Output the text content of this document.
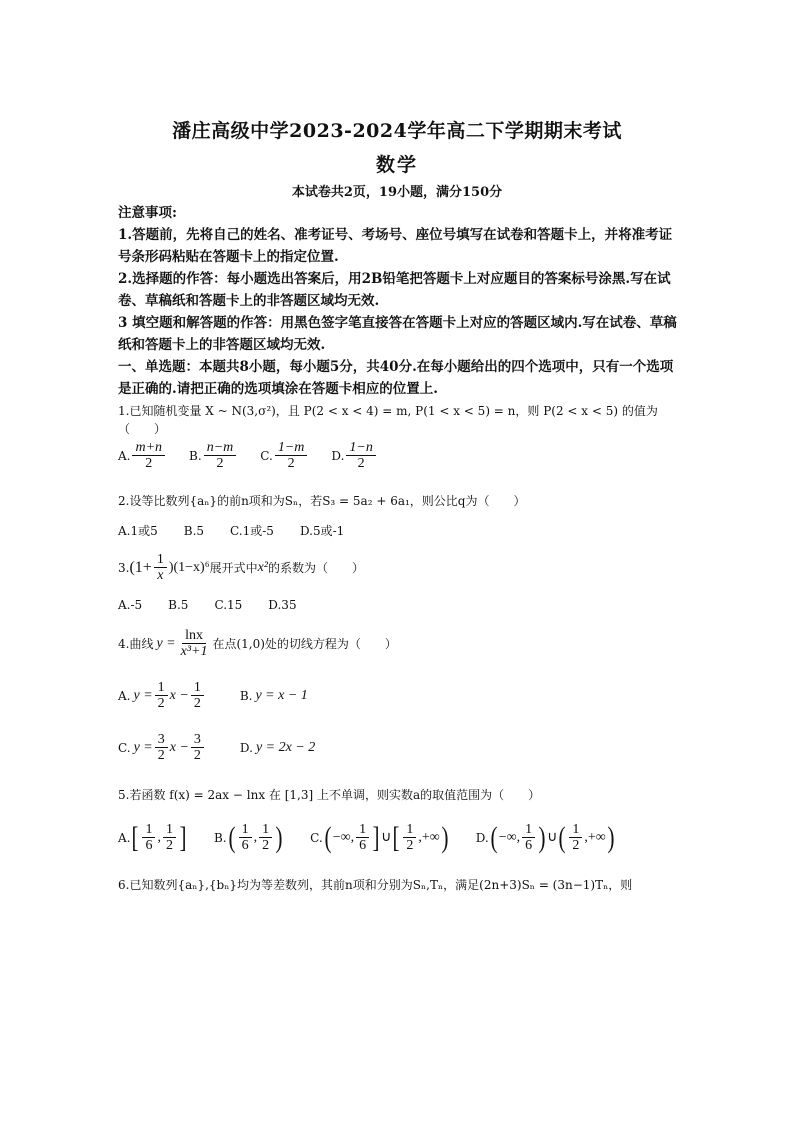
潘庄高级中学2023-2024学年高二下学期期末考试
数学
本试卷共2页，19小题，满分150分
注意事项:
1.答题前，先将自己的姓名、准考证号、考场号、座位号填写在试卷和答题卡上，并将准考证号条形码粘贴在答题卡上的指定位置.
2.选择题的作答：每小题选出答案后，用2B铅笔把答题卡上对应题目的答案标号涂黑.写在试卷、草稿纸和答题卡上的非答题区域均无效.
3 填空题和解答题的作答：用黑色签字笔直接答在答题卡上对应的答题区域内.写在试卷、草稿纸和答题卡上的非答题区域均无效.
一、单选题：本题共8小题，每小题5分，共40分.在每小题给出的四个选项中，只有一个选项是正确的.请把正确的选项填涂在答题卡相应的位置上.
1.已知随机变量 X ~ N(3,σ²)，且 P(2 < x < 4) = m, P(1 < x < 5) = n，则 P(2 < x < 5) 的值为（　　）
A. $\frac{m+n}{2} B$. $\frac{n-m}{2} C$. $\frac{1-m}{2} D$. $\frac{1-n}{2}$
2.设等比数列{aₙ}的前n项和为Sₙ，若S₃ = 5a₂ + 6a₁，则公比q为（　　）
A.1或5 B.5 C.1或-5 D.5或-1
3. $(1+ \frac{1}{x} )(1-x)^6$ 展开式中 x² 的系数为（　　）
A.-5 B.5 C.15 D.35
4.曲线 $y = \frac{\ln x}{\text{x³+1}}$ 在点(1,0)处的切线方程为（　　）
A. $y = \frac{1}{2}$ $x - \frac{1}{2}$	B. y = x − 1
C. $y = \frac{3}{2}$ $x - \frac{3}{2}$	D. y = 2x − 2
5.若函数 f(x) = 2ax − lnx 在 [1,3] 上不单调，则实数a的取值范围为（　　）
A. [ $\frac{1}{6}$ , $\frac{1}{2}$ ] B. ( $\frac{1}{6}$ , $\frac{1}{2}$ ) C. ( −∞, $\frac{1}{6}$ ] ∪ [ $\frac{1}{2}$ ,+∞ ) D. ( −∞, $\frac{1}{6}$ ) ∪ ( $\frac{1}{2}$ ,+∞ )
6.已知数列{aₙ},{bₙ}均为等差数列，其前n项和分别为Sₙ,Tₙ，满足(2n+3)Sₙ = (3n−1)Tₙ，则
